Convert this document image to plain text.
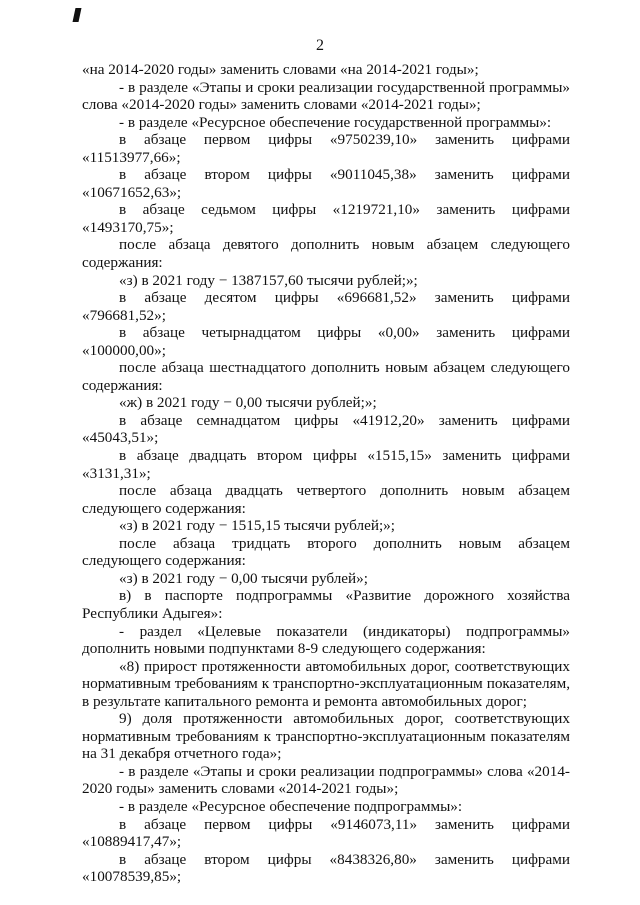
2

«на 2014-2020 годы» заменить словами «на 2014-2021 годы»;

- в разделе «Этапы и сроки реализации государственной программы» слова «2014-2020 годы» заменить словами «2014-2021 годы»;

- в разделе «Ресурсное обеспечение государственной программы»:

в абзаце первом цифры «9750239,10» заменить цифрами «11513977,66»;

в абзаце втором цифры «9011045,38» заменить цифрами «10671652,63»;

в абзаце седьмом цифры «1219721,10» заменить цифрами «1493170,75»;

после абзаца девятого дополнить новым абзацем следующего содержания:

«з) в 2021 году − 1387157,60 тысячи рублей;»;

в абзаце десятом цифры «696681,52» заменить цифрами «796681,52»;

в абзаце четырнадцатом цифры «0,00» заменить цифрами «100000,00»;

после абзаца шестнадцатого дополнить новым абзацем следующего содержания:

«ж) в 2021 году − 0,00 тысячи рублей;»;

в абзаце семнадцатом цифры «41912,20» заменить цифрами «45043,51»;

в абзаце двадцать втором цифры «1515,15» заменить цифрами «3131,31»;

после абзаца двадцать четвертого дополнить новым абзацем следующего содержания:

«з) в 2021 году − 1515,15 тысячи рублей;»;

после абзаца тридцать второго дополнить новым абзацем следующего содержания:

«з) в 2021 году − 0,00 тысячи рублей»;

в) в паспорте подпрограммы «Развитие дорожного хозяйства Республики Адыгея»:

- раздел «Целевые показатели (индикаторы) подпрограммы» дополнить новыми подпунктами 8-9 следующего содержания:

«8) прирост протяженности автомобильных дорог, соответствующих нормативным требованиям к транспортно-эксплуатационным показателям, в результате капитального ремонта и ремонта автомобильных дорог;

9) доля протяженности автомобильных дорог, соответствующих нормативным требованиям к транспортно-эксплуатационным показателям на 31 декабря отчетного года»;

- в разделе «Этапы и сроки реализации подпрограммы» слова «2014-2020 годы» заменить словами «2014-2021 годы»;

- в разделе «Ресурсное обеспечение подпрограммы»:

в абзаце первом цифры «9146073,11» заменить цифрами «10889417,47»;

в абзаце втором цифры «8438326,80» заменить цифрами «10078539,85»;
